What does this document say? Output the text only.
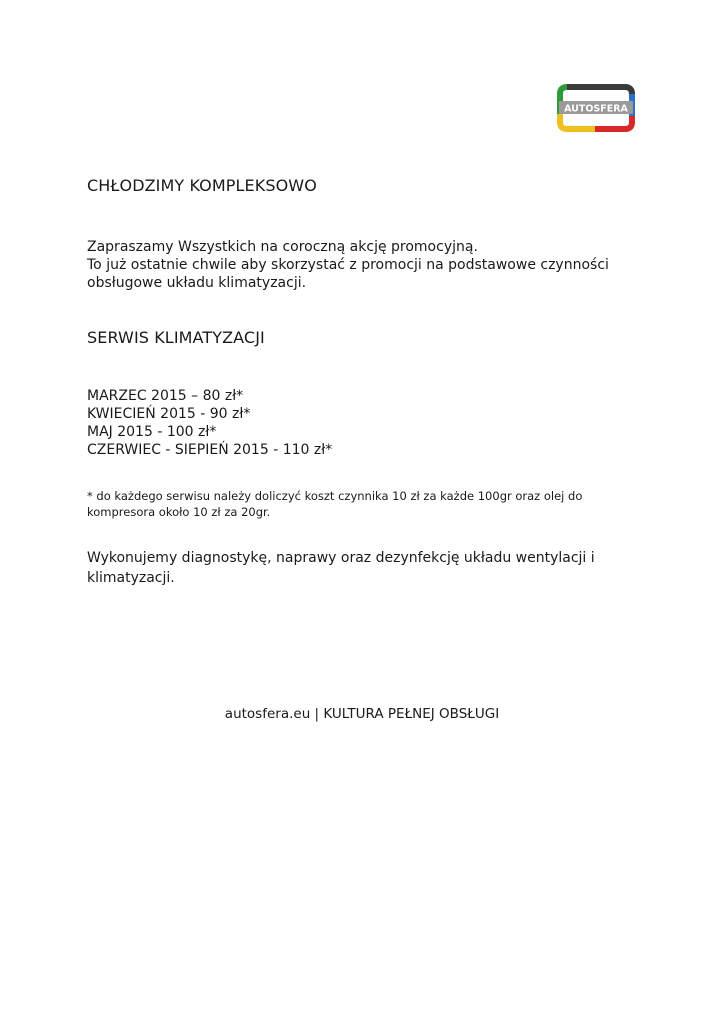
AUTOSFERA
CHŁODZIMY KOMPLEKSOWO

Zapraszamy Wszystkich na coroczną akcję promocyjną.
To już ostatnie chwile aby skorzystać z promocji na podstawowe czynności
obsługowe układu klimatyzacji.

SERWIS KLIMATYZACJI
MARZEC 2015 – 80 zł*
KWIECIEŃ 2015 - 90 zł*
MAJ 2015 - 100 zł*
CZERWIEC - SIEPIEŃ 2015 - 110 zł*

* do każdego serwisu należy doliczyć koszt czynnika 10 zł za każde 100gr oraz olej do
kompresora około 10 zł za 20gr.

Wykonujemy diagnostykę, naprawy oraz dezynfekcję układu wentylacji i
klimatyzacji.

autosfera.eu | KULTURA PEŁNEJ OBSŁUGI
